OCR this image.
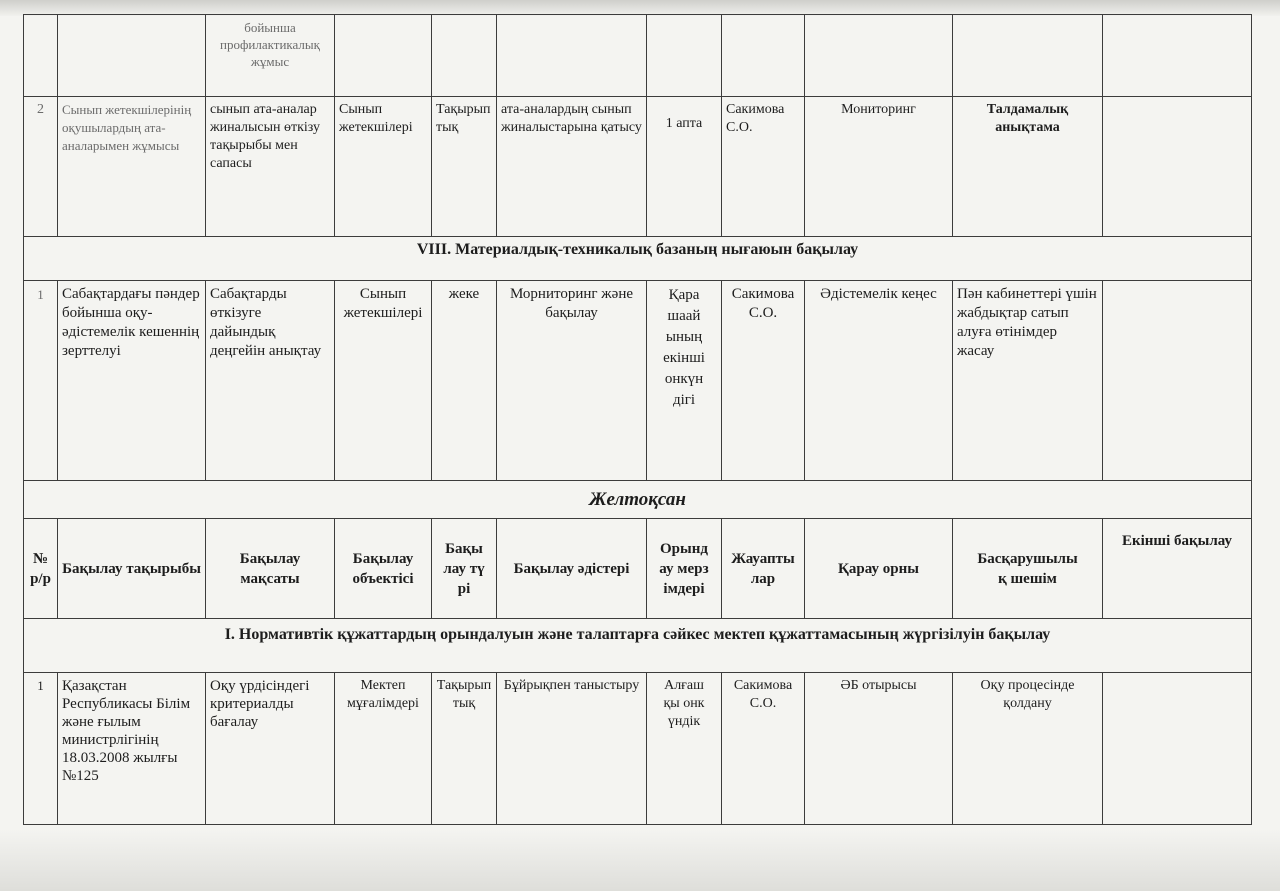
		бойынша профилактикалық жұмыс								
2	Сынып жетекшілерінің оқушылардың ата-аналарымен жұмысы	сынып ата-аналар жиналысын өткізу тақырыбы мен сапасы	Сынып жетекшілері	Тақырыптық	ата-аналардың сынып жиналыстарына қатысу	1 апта	Сакимова С.О.	Мониторинг	Талдамалық анықтама	
VIII. Материалдық-техникалық базаның нығаюын бақылау										
1	Сабақтардағы пәндер бойынша оқу-әдістемелік кешеннің зерттелуі	Сабақтарды өткізуге дайындық деңгейін анықтау	Сынып жетекшілері	жеке	Морниторинг және бақылау	Қарашаайының екінші онкүндігі	Сакимова С.О.	Әдістемелік кеңес	Пән кабинеттері үшін жабдықтар сатып алуға өтінімдер жасау	
Желтоқсан										
№ р/р	Бақылау тақырыбы	Бақылау мақсаты	Бақылау объектісі	Бақылау түрі	Бақылау әдістері	Орындау мерзімдері	Жауаптылар	Қарау орны	Басқарушылық шешім	Екінші бақылау
I. Нормативтік құжаттардың орындалуын және талаптарға сәйкес мектеп құжаттамасының жүргізілуін бақылау										
1	Қазақстан Республикасы Білім және ғылым министрлігінің 18.03.2008 жылғы №125	Оқу үрдісіндегі критериалды бағалау	Мектеп мұғалімдері	Тақырыптық	Бұйрықпен таныстыру	Алғашқы онкүндік	Сакимова С.О.	ӘБ отырысы	Оқу процесінде қолдану	
